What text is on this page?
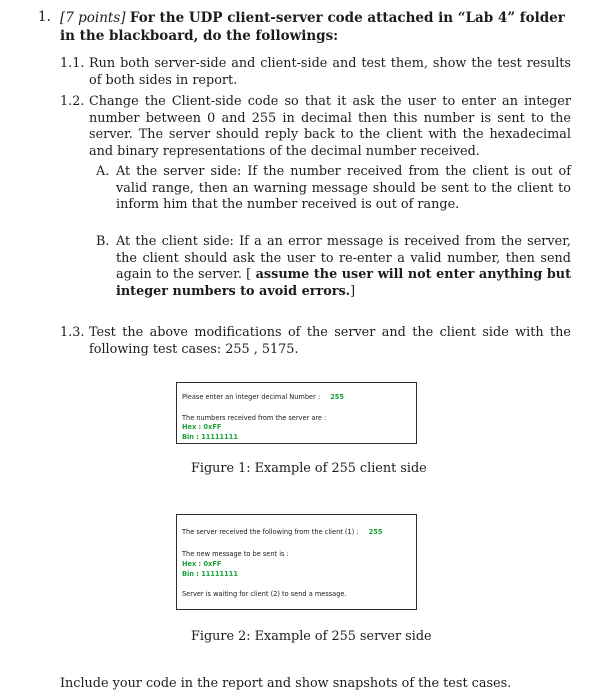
1. [7 points] For the UDP client-server code attached in “Lab 4” folder in the blackboard, do the followings:
1.1. Run both server-side and client-side and test them, show the test results of both sides in report.
1.2. Change the Client-side code so that it ask the user to enter an integer number between 0 and 255 in decimal then this number is sent to the server. The server should reply back to the client with the hexadecimal and binary representations of the decimal number received.
A. At the server side: If the number received from the client is out of valid range, then an warning message should be sent to the client to inform him that the number received is out of range.
B. At the client side: If a an error message is received from the server, the client should ask the user to re-enter a valid number, then send again to the server. [ assume the user will not enter anything but integer numbers to avoid errors.]
1.3. Test the above modifications of the server and the client side with the following test cases: 255 , 5175.
Please enter an integer decimal Number : 255
The numbers received from the server are :
Hex : 0xFF
Bin : 11111111
Figure 1: Example of 255 client side
The server received the following from the client (1) : 255
The new message to be sent is :
Hex : 0xFF
Bin : 11111111
Server is waiting for client (2) to send a message.
Figure 2: Example of 255 server side
Include your code in the report and show snapshots of the test cases.
